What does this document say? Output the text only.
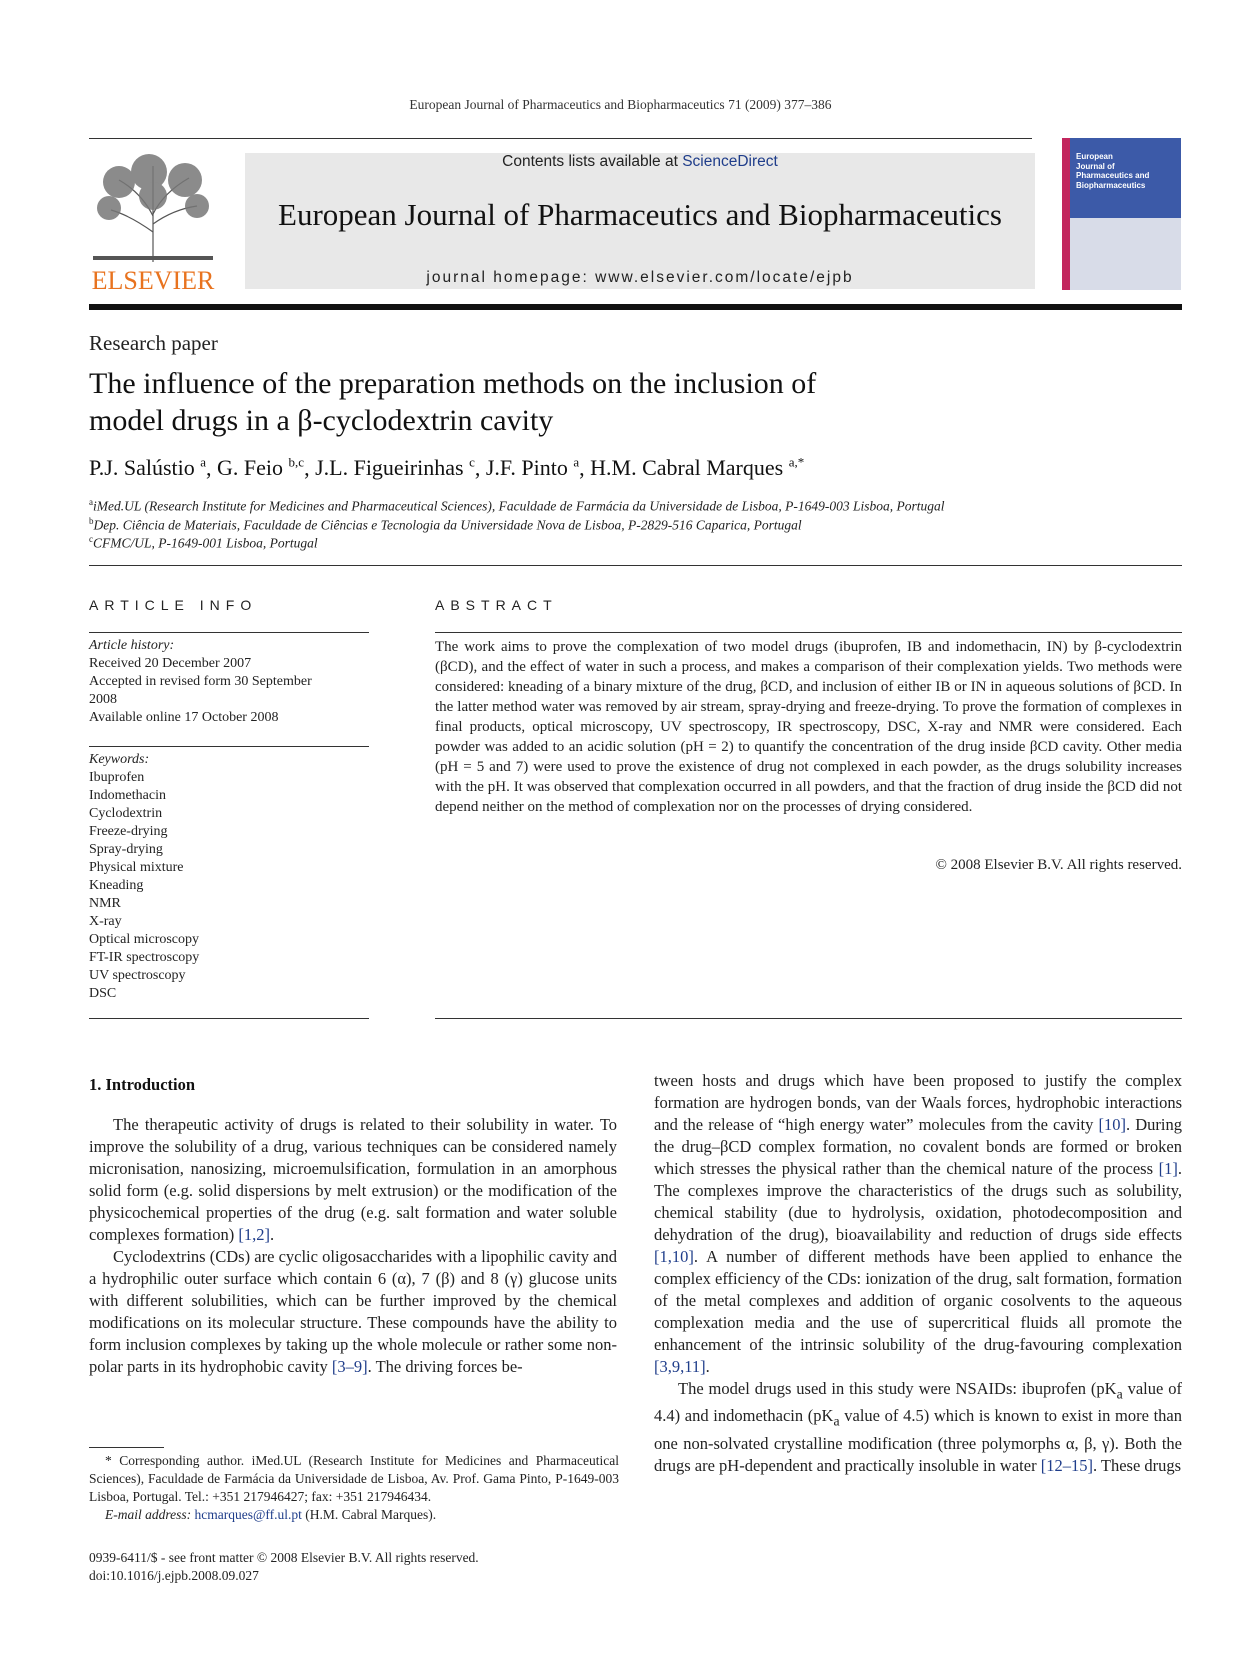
European Journal of Pharmaceutics and Biopharmaceutics 71 (2009) 377–386
ELSEVIER
Contents lists available at ScienceDirect
European Journal of Pharmaceutics and Biopharmaceutics
journal homepage: www.elsevier.com/locate/ejpb
European
Journal of
Pharmaceutics and
Biopharmaceutics
Research paper
The influence of the preparation methods on the inclusion of
model drugs in a β-cyclodextrin cavity
P.J. Salústio $^a$, G. Feio $^{b,c}$, J.L. Figueirinhas $^c$, J.F. Pinto $^a$, H.M. Cabral Marques $^{a,*}$
$^a$iMed.UL (Research Institute for Medicines and Pharmaceutical Sciences), Faculdade de Farmácia da Universidade de Lisboa, P-1649-003 Lisboa, Portugal
$^b$Dep. Ciência de Materiais, Faculdade de Ciências e Tecnologia da Universidade Nova de Lisboa, P-2829-516 Caparica, Portugal
$^c$CFMC/UL, P-1649-001 Lisboa, Portugal
ARTICLE INFO
Article history:
Received 20 December 2007
Accepted in revised form 30 September
2008
Available online 17 October 2008
Keywords:
Ibuprofen
Indomethacin
Cyclodextrin
Freeze-drying
Spray-drying
Physical mixture
Kneading
NMR
X-ray
Optical microscopy
FT-IR spectroscopy
UV spectroscopy
DSC
ABSTRACT
The work aims to prove the complexation of two model drugs (ibuprofen, IB and indomethacin, IN) by β-cyclodextrin (βCD), and the effect of water in such a process, and makes a comparison of their complexation yields. Two methods were considered: kneading of a binary mixture of the drug, βCD, and inclusion of either IB or IN in aqueous solutions of βCD. In the latter method water was removed by air stream, spray-drying and freeze-drying. To prove the formation of complexes in final products, optical microscopy, UV spectroscopy, IR spectroscopy, DSC, X-ray and NMR were considered. Each powder was added to an acidic solution (pH = 2) to quantify the concentration of the drug inside βCD cavity. Other media (pH = 5 and 7) were used to prove the existence of drug not complexed in each powder, as the drugs solubility increases with the pH. It was observed that complexation occurred in all powders, and that the fraction of drug inside the βCD did not depend neither on the method of complexation nor on the processes of drying considered.
© 2008 Elsevier B.V. All rights reserved.
1. Introduction

The therapeutic activity of drugs is related to their solubility in water. To improve the solubility of a drug, various techniques can be considered namely micronisation, nanosizing, microemulsification, formulation in an amorphous solid form (e.g. solid dispersions by melt extrusion) or the modification of the physicochemical properties of the drug (e.g. salt formation and water soluble complexes formation) [1,2].

Cyclodextrins (CDs) are cyclic oligosaccharides with a lipophilic cavity and a hydrophilic outer surface which contain 6 (α), 7 (β) and 8 (γ) glucose units with different solubilities, which can be further improved by the chemical modifications on its molecular structure. These compounds have the ability to form inclusion complexes by taking up the whole molecule or rather some non-polar parts in its hydrophobic cavity [3–9]. The driving forces be-

tween hosts and drugs which have been proposed to justify the complex formation are hydrogen bonds, van der Waals forces, hydrophobic interactions and the release of “high energy water” molecules from the cavity [10]. During the drug–βCD complex formation, no covalent bonds are formed or broken which stresses the physical rather than the chemical nature of the process [1]. The complexes improve the characteristics of the drugs such as solubility, chemical stability (due to hydrolysis, oxidation, photodecomposition and dehydration of the drug), bioavailability and reduction of drugs side effects [1,10]. A number of different methods have been applied to enhance the complex efficiency of the CDs: ionization of the drug, salt formation, formation of the metal complexes and addition of organic cosolvents to the aqueous complexation media and the use of supercritical fluids all promote the enhancement of the intrinsic solubility of the drug-favouring complexation [3,9,11].

The model drugs used in this study were NSAIDs: ibuprofen ($pK_a$ value of 4.4) and indomethacin ($pK_a$ value of 4.5) which is known to exist in more than one non-solvated crystalline modification (three polymorphs α, β, γ). Both the drugs are pH-dependent and practically insoluble in water [12–15]. These drugs

* Corresponding author. iMed.UL (Research Institute for Medicines and Pharmaceutical Sciences), Faculdade de Farmácia da Universidade de Lisboa, Av. Prof. Gama Pinto, P-1649-003 Lisboa, Portugal. Tel.: +351 217946427; fax: +351 217946434.

E-mail address: hcmarques@ff.ul.pt (H.M. Cabral Marques).

0939-6411/$ - see front matter © 2008 Elsevier B.V. All rights reserved.
doi:10.1016/j.ejpb.2008.09.027
